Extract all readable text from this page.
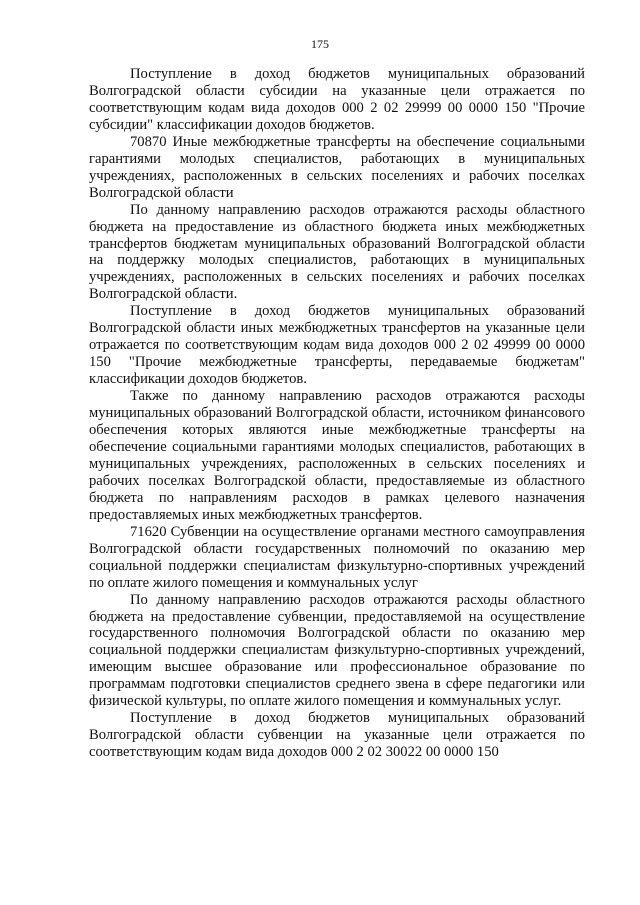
175

Поступление в доход бюджетов муниципальных образований Волгоградской области субсидии на указанные цели отражается по соответствующим кодам вида доходов 000 2 02 29999 00 0000 150 "Прочие субсидии" классификации доходов бюджетов.

70870 Иные межбюджетные трансферты на обеспечение социальными гарантиями молодых специалистов, работающих в муниципальных учреждениях, расположенных в сельских поселениях и рабочих поселках Волгоградской области

По данному направлению расходов отражаются расходы областного бюджета на предоставление из областного бюджета иных межбюджетных трансфертов бюджетам муниципальных образований Волгоградской области на поддержку молодых специалистов, работающих в муниципальных учреждениях, расположенных в сельских поселениях и рабочих поселках Волгоградской области.

Поступление в доход бюджетов муниципальных образований Волгоградской области иных межбюджетных трансфертов на указанные цели отражается по соответствующим кодам вида доходов 000 2 02 49999 00 0000 150 "Прочие межбюджетные трансферты, передаваемые бюджетам" классификации доходов бюджетов.

Также по данному направлению расходов отражаются расходы муниципальных образований Волгоградской области, источником финансового обеспечения которых являются иные межбюджетные трансферты на обеспечение социальными гарантиями молодых специалистов, работающих в муниципальных учреждениях, расположенных в сельских поселениях и рабочих поселках Волгоградской области, предоставляемые из областного бюджета по направлениям расходов в рамках целевого назначения предоставляемых иных межбюджетных трансфертов.

71620 Субвенции на осуществление органами местного самоуправления Волгоградской области государственных полномочий по оказанию мер социальной поддержки специалистам физкультурно-спортивных учреждений по оплате жилого помещения и коммунальных услуг

По данному направлению расходов отражаются расходы областного бюджета на предоставление субвенции, предоставляемой на осуществление государственного полномочия Волгоградской области по оказанию мер социальной поддержки специалистам физкультурно-спортивных учреждений, имеющим высшее образование или профессиональное образование по программам подготовки специалистов среднего звена в сфере педагогики или физической культуры, по оплате жилого помещения и коммунальных услуг.

Поступление в доход бюджетов муниципальных образований Волгоградской области субвенции на указанные цели отражается по соответствующим кодам вида доходов 000 2 02 30022 00 0000 150
